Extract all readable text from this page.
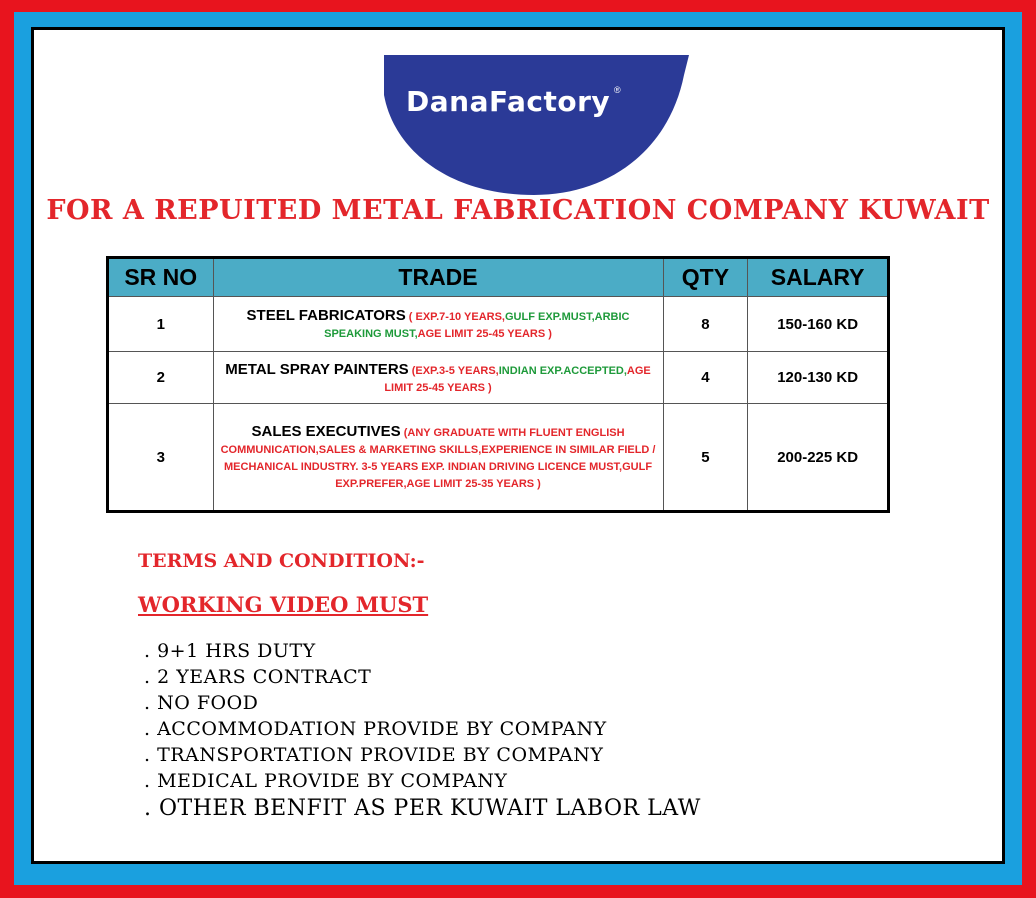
DanaFactory ®
FOR A REPUITED METAL FABRICATION COMPANY KUWAIT
SR NO	TRADE	QTY	SALARY
1	STEEL FABRICATORS ( EXP.7-10 YEARS,GULF EXP.MUST,ARBIC SPEAKING MUST,AGE LIMIT 25-45 YEARS )	8	150-160 KD
2	METAL SPRAY PAINTERS (EXP.3-5 YEARS,INDIAN EXP.ACCEPTED,AGE LIMIT 25-45 YEARS )	4	120-130 KD
3	SALES EXECUTIVES (ANY GRADUATE WITH FLUENT ENGLISH COMMUNICATION,SALES & MARKETING SKILLS,EXPERIENCE IN SIMILAR FIELD / MECHANICAL INDUSTRY. 3-5 YEARS EXP. INDIAN DRIVING LICENCE MUST,GULF EXP.PREFER,AGE LIMIT 25-35 YEARS )	5	200-225 KD
TERMS AND CONDITION:-
WORKING VIDEO MUST
. 9+1 HRS DUTY
. 2 YEARS CONTRACT
. NO FOOD
. ACCOMMODATION PROVIDE BY COMPANY
. TRANSPORTATION PROVIDE BY COMPANY
. MEDICAL PROVIDE BY COMPANY
. OTHER BENFIT AS PER KUWAIT LABOR LAW
